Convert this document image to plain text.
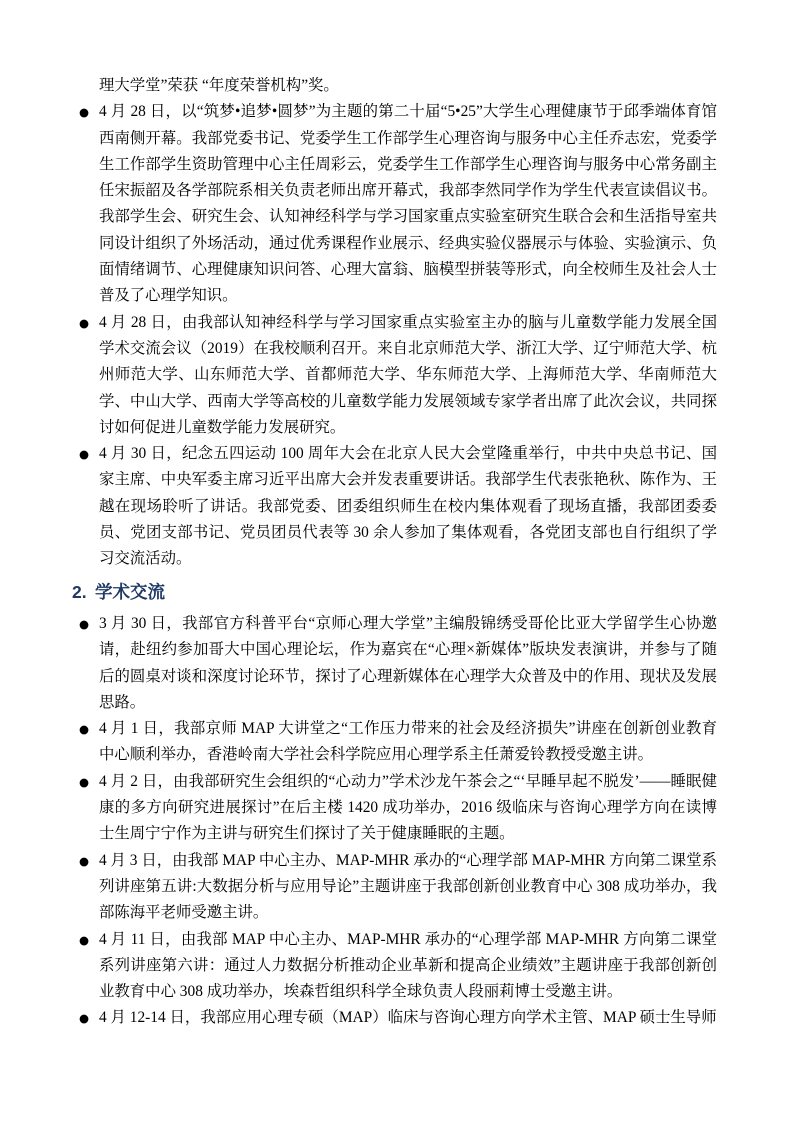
理大学堂”荣获 “年度荣誉机构”奖。

● 4 月 28 日，以“筑梦•追梦•圆梦”为主题的第二十届“5•25”大学生心理健康节于邱季端体育馆西南侧开幕。我部党委书记、党委学生工作部学生心理咨询与服务中心主任乔志宏，党委学生工作部学生资助管理中心主任周彩云，党委学生工作部学生心理咨询与服务中心常务副主任宋振韶及各学部院系相关负责老师出席开幕式，我部李然同学作为学生代表宣读倡议书。我部学生会、研究生会、认知神经科学与学习国家重点实验室研究生联合会和生活指导室共同设计组织了外场活动，通过优秀课程作业展示、经典实验仪器展示与体验、实验演示、负面情绪调节、心理健康知识问答、心理大富翁、脑模型拼装等形式，向全校师生及社会人士普及了心理学知识。
● 4 月 28 日，由我部认知神经科学与学习国家重点实验室主办的脑与儿童数学能力发展全国学术交流会议（2019）在我校顺利召开。来自北京师范大学、浙江大学、辽宁师范大学、杭州师范大学、山东师范大学、首都师范大学、华东师范大学、上海师范大学、华南师范大学、中山大学、西南大学等高校的儿童数学能力发展领域专家学者出席了此次会议，共同探讨如何促进儿童数学能力发展研究。
● 4 月 30 日，纪念五四运动 100 周年大会在北京人民大会堂隆重举行，中共中央总书记、国家主席、中央军委主席习近平出席大会并发表重要讲话。我部学生代表张艳秋、陈作为、王越在现场聆听了讲话。我部党委、团委组织师生在校内集体观看了现场直播，我部团委委员、党团支部书记、党员团员代表等 30 余人参加了集体观看，各党团支部也自行组织了学习交流活动。
2. 学术交流
● 3 月 30 日，我部官方科普平台“京师心理大学堂”主编殷锦绣受哥伦比亚大学留学生心协邀请，赴纽约参加哥大中国心理论坛，作为嘉宾在“心理×新媒体”版块发表演讲，并参与了随后的圆桌对谈和深度讨论环节，探讨了心理新媒体在心理学大众普及中的作用、现状及发展思路。
● 4 月 1 日，我部京师 MAP 大讲堂之“工作压力带来的社会及经济损失”讲座在创新创业教育中心顺利举办，香港岭南大学社会科学院应用心理学系主任萧爱铃教授受邀主讲。
● 4 月 2 日，由我部研究生会组织的“心动力”学术沙龙午茶会之“‘早睡早起不脱发’——睡眠健康的多方向研究进展探讨”在后主楼 1420 成功举办，2016 级临床与咨询心理学方向在读博士生周宁宁作为主讲与研究生们探讨了关于健康睡眠的主题。
● 4 月 3 日，由我部 MAP 中心主办、MAP-MHR 承办的“心理学部 MAP-MHR 方向第二课堂系列讲座第五讲:大数据分析与应用导论”主题讲座于我部创新创业教育中心 308 成功举办，我部陈海平老师受邀主讲。
● 4 月 11 日，由我部 MAP 中心主办、MAP-MHR 承办的“心理学部 MAP-MHR 方向第二课堂系列讲座第六讲：通过人力数据分析推动企业革新和提高企业绩效”主题讲座于我部创新创业教育中心 308 成功举办，埃森哲组织科学全球负责人段丽莉博士受邀主讲。
● 4 月 12-14 日，我部应用心理专硕（MAP）临床与咨询心理方向学术主管、MAP 硕士生导师
